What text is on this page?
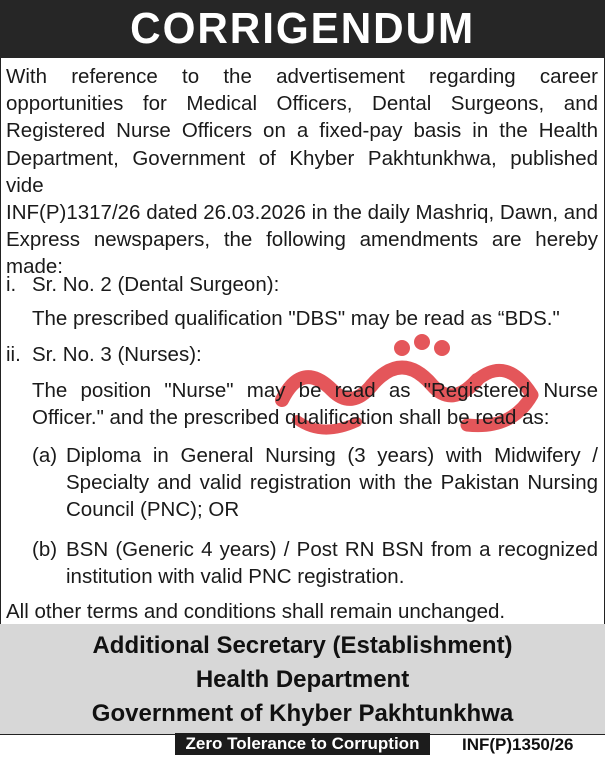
CORRIGENDUM
With reference to the advertisement regarding career
opportunities for Medical Officers, Dental Surgeons, and
Registered Nurse Officers on a fixed-pay basis in the Health
Department, Government of Khyber Pakhtunkhwa, published vide
INF(P)1317/26 dated 26.03.2026 in the daily Mashriq, Dawn, and
Express newspapers, the following amendments are hereby
made:
i. Sr. No. 2 (Dental Surgeon):
The prescribed qualification "DBS" may be read as “BDS."
ii. Sr. No. 3 (Nurses):
The position "Nurse" may be read as "Registered Nurse
Officer." and the prescribed qualification shall be read as:
(a) Diploma in General Nursing (3 years) with Midwifery /
Specialty and valid registration with the Pakistan Nursing
Council (PNC); OR
(b) BSN (Generic 4 years) / Post RN BSN from a recognized
institution with valid PNC registration.
All other terms and conditions shall remain unchanged.
Additional Secretary (Establishment)
Health Department
Government of Khyber Pakhtunkhwa
Zero Tolerance to Corruption	INF(P)1350/26
